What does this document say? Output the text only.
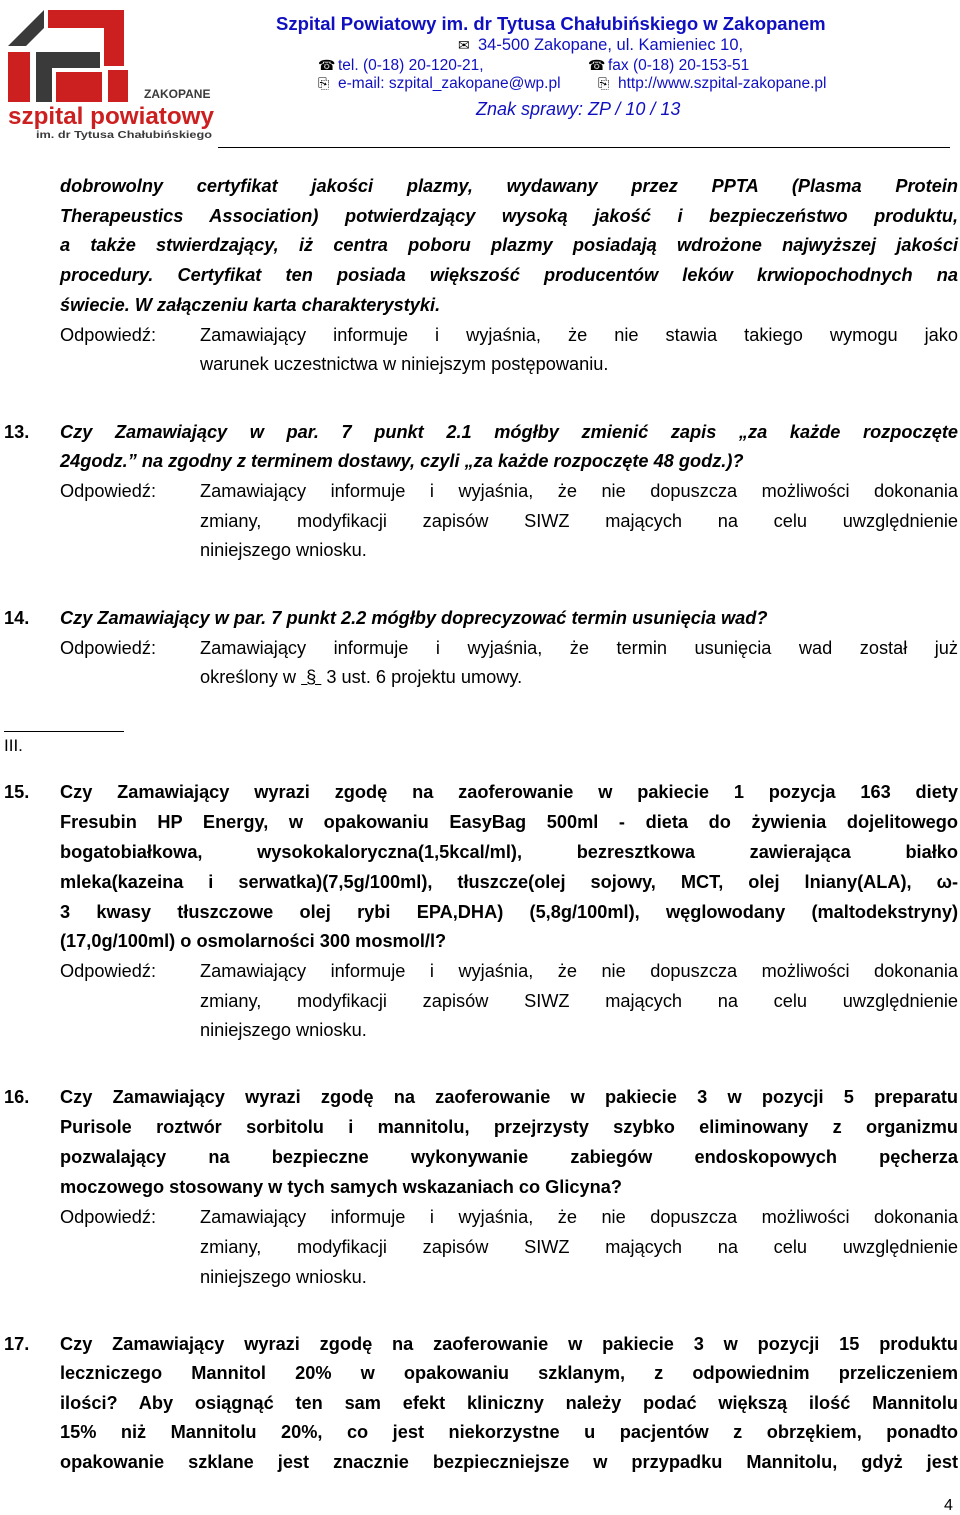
ZAKOPANE
szpital powiatowy
im. dr Tytusa Chałubińskiego
Szpital Powiatowy im. dr Tytusa Chałubińskiego w Zakopanem
✉ 34-500 Zakopane, ul. Kamieniec 10,
☎ tel. (0-18) 20-120-21,	☎ fax (0-18) 20-153-51
⎘ e-mail: szpital_zakopane@wp.pl	⎘ http://www.szpital-zakopane.pl
Znak sprawy: ZP / 10 / 13
dobrowolny certyfikat jakości plazmy, wydawany przez PPTA (Plasma Protein
Therapeustics Association) potwierdzający wysoką jakość i bezpieczeństwo produktu,
a także stwierdzający, iż centra poboru plazmy posiadają wdrożone najwyższej jakości
procedury. Certyfikat ten posiada większość producentów leków krwiopochodnych na
świecie. W załączeniu karta charakterystyki.
Odpowiedź: Zamawiający informuje i wyjaśnia, że nie stawia takiego wymogu jako
warunek uczestnictwa w niniejszym postępowaniu.
13. Czy Zamawiający w par. 7 punkt 2.1 mógłby zmienić zapis „za każde rozpoczęte
24godz.” na zgodny z terminem dostawy, czyli „za każde rozpoczęte 48 godz.)?
Odpowiedź: Zamawiający informuje i wyjaśnia, że nie dopuszcza możliwości dokonania
zmiany, modyfikacji zapisów SIWZ mających na celu uwzględnienie
niniejszego wniosku.
14. Czy Zamawiający w par. 7 punkt 2.2 mógłby doprecyzować termin usunięcia wad?
Odpowiedź: Zamawiający informuje i wyjaśnia, że termin usunięcia wad został już
określony w  §  3 ust. 6 projektu umowy.
III.
15. Czy Zamawiający wyrazi zgodę na zaoferowanie w pakiecie 1 pozycja 163 diety
Fresubin HP Energy, w opakowaniu EasyBag 500ml - dieta do żywienia dojelitowego
bogatobiałkowa, wysokokaloryczna(1,5kcal/ml), bezresztkowa zawierająca białko
mleka(kazeina i serwatka)(7,5g/100ml), tłuszcze(olej sojowy, MCT, olej lniany(ALA), ω-
3 kwasy tłuszczowe olej rybi EPA,DHA) (5,8g/100ml), węglowodany (maltodekstryny)
(17,0g/100ml) o osmolarności 300 mosmol/l?
Odpowiedź: Zamawiający informuje i wyjaśnia, że nie dopuszcza możliwości dokonania
zmiany, modyfikacji zapisów SIWZ mających na celu uwzględnienie
niniejszego wniosku.
16. Czy Zamawiający wyrazi zgodę na zaoferowanie w pakiecie 3 w pozycji 5 preparatu
Purisole roztwór sorbitolu i mannitolu, przejrzysty szybko eliminowany z organizmu
pozwalający na bezpieczne wykonywanie zabiegów endoskopowych pęcherza
moczowego stosowany w tych samych wskazaniach co Glicyna?
Odpowiedź: Zamawiający informuje i wyjaśnia, że nie dopuszcza możliwości dokonania
zmiany, modyfikacji zapisów SIWZ mających na celu uwzględnienie
niniejszego wniosku.
17. Czy Zamawiający wyrazi zgodę na zaoferowanie w pakiecie 3 w pozycji 15 produktu
leczniczego Mannitol 20% w opakowaniu szklanym, z odpowiednim przeliczeniem
ilości? Aby osiągnąć ten sam efekt kliniczny należy podać większą ilość Mannitolu
15% niż Mannitolu 20%, co jest niekorzystne u pacjentów z obrzękiem, ponadto
opakowanie szklane jest znacznie bezpieczniejsze w przypadku Mannitolu, gdyż jest
4
